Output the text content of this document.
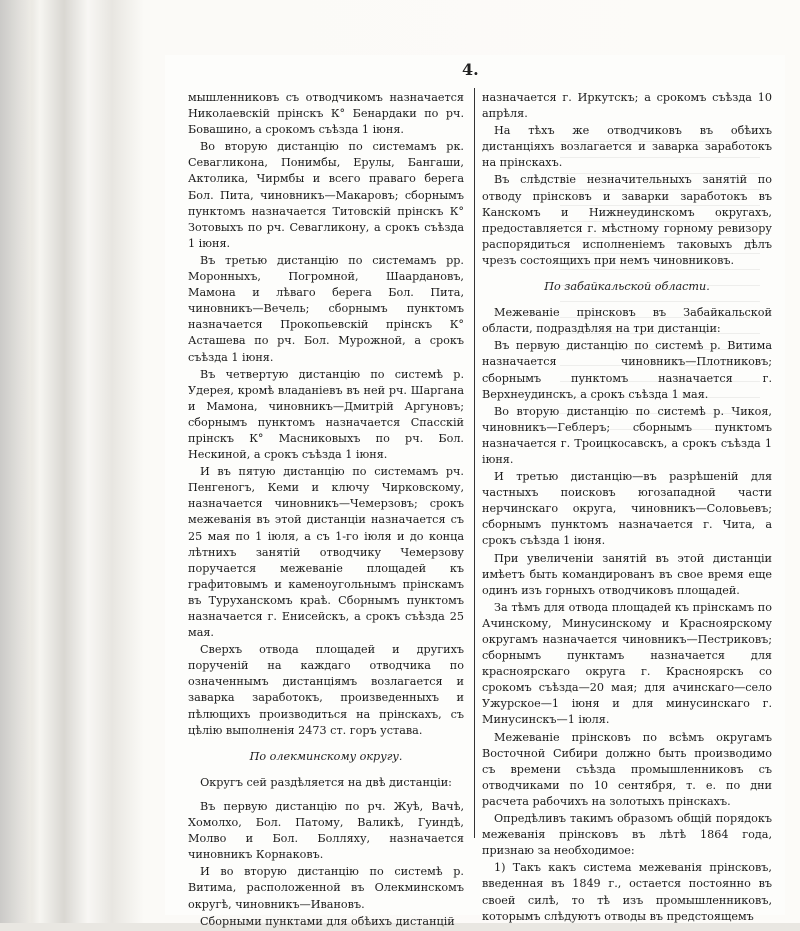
4.

мышленниковъ съ отводчикомъ назначается Николаевскій прінскъ К° Бенардаки по рч. Бовашино, а срокомъ съѣзда 1 іюня.

Во вторую дистанцію по системамъ рк. Севагликона, Понимбы, Ерулы, Бангаши, Актолика, Чирмбы и всего праваго берега Бол. Пита, чиновникъ—Макаровъ; сборнымъ пунктомъ назначается Титовскій прінскъ К° Зотовыхъ по рч. Севагликону, а срокъ съѣзда 1 іюня.

Въ третью дистанцію по системамъ рр. Моронныхъ, Погромной, Шаардановъ, Мамона и лѣваго берега Бол. Пита, чиновникъ—Вечель; сборнымъ пунктомъ назначается Прокопьевскій прінскъ К° Асташева по рч. Бол. Мурожной, а срокъ съѣзда 1 іюня.

Въ четвертую дистанцію по системѣ р. Удерея, кромѣ владаніевъ въ ней рч. Шаргана и Мамона, чиновникъ—Дмитрій Аргуновъ; сборнымъ пунктомъ назначается Спасскій прінскъ К° Масниковыхъ по рч. Бол. Нескиной, а срокъ съѣзда 1 іюня.

И въ пятую дистанцію по системамъ рч. Пенгеногъ, Кеми и ключу Чирковскому, назначается чиновникъ—Чемерзовъ; срокъ межеванія въ этой дистанціи назначается съ 25 мая по 1 іюля, а съ 1-го іюля и до конца лѣтнихъ занятій отводчику Чемерзову поручается межеваніе площадей къ графитовымъ и каменоугольнымъ прінскамъ въ Туруханскомъ краѣ. Сборнымъ пунктомъ назначается г. Енисейскъ, а срокъ съѣзда 25 мая.

Сверхъ отвода площадей и другихъ порученій на каждаго отводчика по означеннымъ дистанціямъ возлагается и заварка заработокъ, произведенныхъ и пѣлющихъ производиться на прінскахъ, съ цѣлію выполненія 2473 ст. горъ устава.

По олекминскому округу.

Округъ сей раздѣляется на двѣ дистанціи:

Въ первую дистанцію по рч. Жуѣ, Вачѣ, Хомолхо, Бол. Патому, Валикѣ, Гуиндѣ, Молво и Бол. Болляху, назначается чиновникъ Корнаковъ.

И во вторую дистанцію по системѣ р. Витима, расположенной въ Олекминскомъ округѣ, чиновникъ—Ивановъ.

Сборными пунктами для обѣихъ дистанцій

назначается г. Иркутскъ; а срокомъ съѣзда 10 апрѣля.

На тѣхъ же отводчиковъ въ обѣихъ дистанціяхъ возлагается и заварка заработокъ на прінскахъ.

Въ слѣдствіе незначительныхъ занятій по отводу прінсковъ и заварки заработокъ въ Канскомъ и Нижнеудинскомъ округахъ, предоставляется г. мѣстному горному ревизору распорядиться исполненіемъ таковыхъ дѣлъ чрезъ состоящихъ при немъ чиновниковъ.

По забайкальской области.

Межеваніе прінсковъ въ Забайкальской области, подраздѣляя на три дистанціи:

Въ первую дистанцію по системѣ р. Витима назначается чиновникъ—Плотниковъ; сборнымъ пунктомъ назначается г. Верхнеудинскъ, а срокъ съѣзда 1 мая.

Во вторую дистанцію по системѣ р. Чикоя, чиновникъ—Геблеръ; сборнымъ пунктомъ назначается г. Троицкосавскъ, а срокъ съѣзда 1 іюня.

И третью дистанцію—въ разрѣшеній для частныхъ поисковъ югозападной части нерчинскаго округа, чиновникъ—Соловьевъ; сборнымъ пунктомъ назначается г. Чита, а срокъ съѣзда 1 іюня.

При увеличеніи занятій въ этой дистанціи имѣетъ быть командированъ въ свое время еще одинъ изъ горныхъ отводчиковъ площадей.

За тѣмъ для отвода площадей къ прінскамъ по Ачинскому, Минусинскому и Красноярскому округамъ назначается чиновникъ—Пестриковъ; сборнымъ пунктамъ назначается для красноярскаго округа г. Красноярскъ со срокомъ съѣзда—20 мая; для ачинскаго—село Ужурское—1 іюня и для минусинскаго г. Минусинскъ—1 іюля.

Межеваніе прінсковъ по всѣмъ округамъ Восточной Сибири должно быть производимо съ времени съѣзда промышленниковъ съ отводчиками по 10 сентября, т. е. по дни расчета рабочихъ на золотыхъ прінскахъ.

Опредѣливъ такимъ образомъ общій порядокъ межеванія прінсковъ въ лѣтѣ 1864 года, признаю за необходимое:

1) Такъ какъ система межеванія прінсковъ, введенная въ 1849 г., остается постоянно въ своей силѣ, то тѣ изъ промышленниковъ, которымъ слѣдуютъ отводы въ предстоящемъ
